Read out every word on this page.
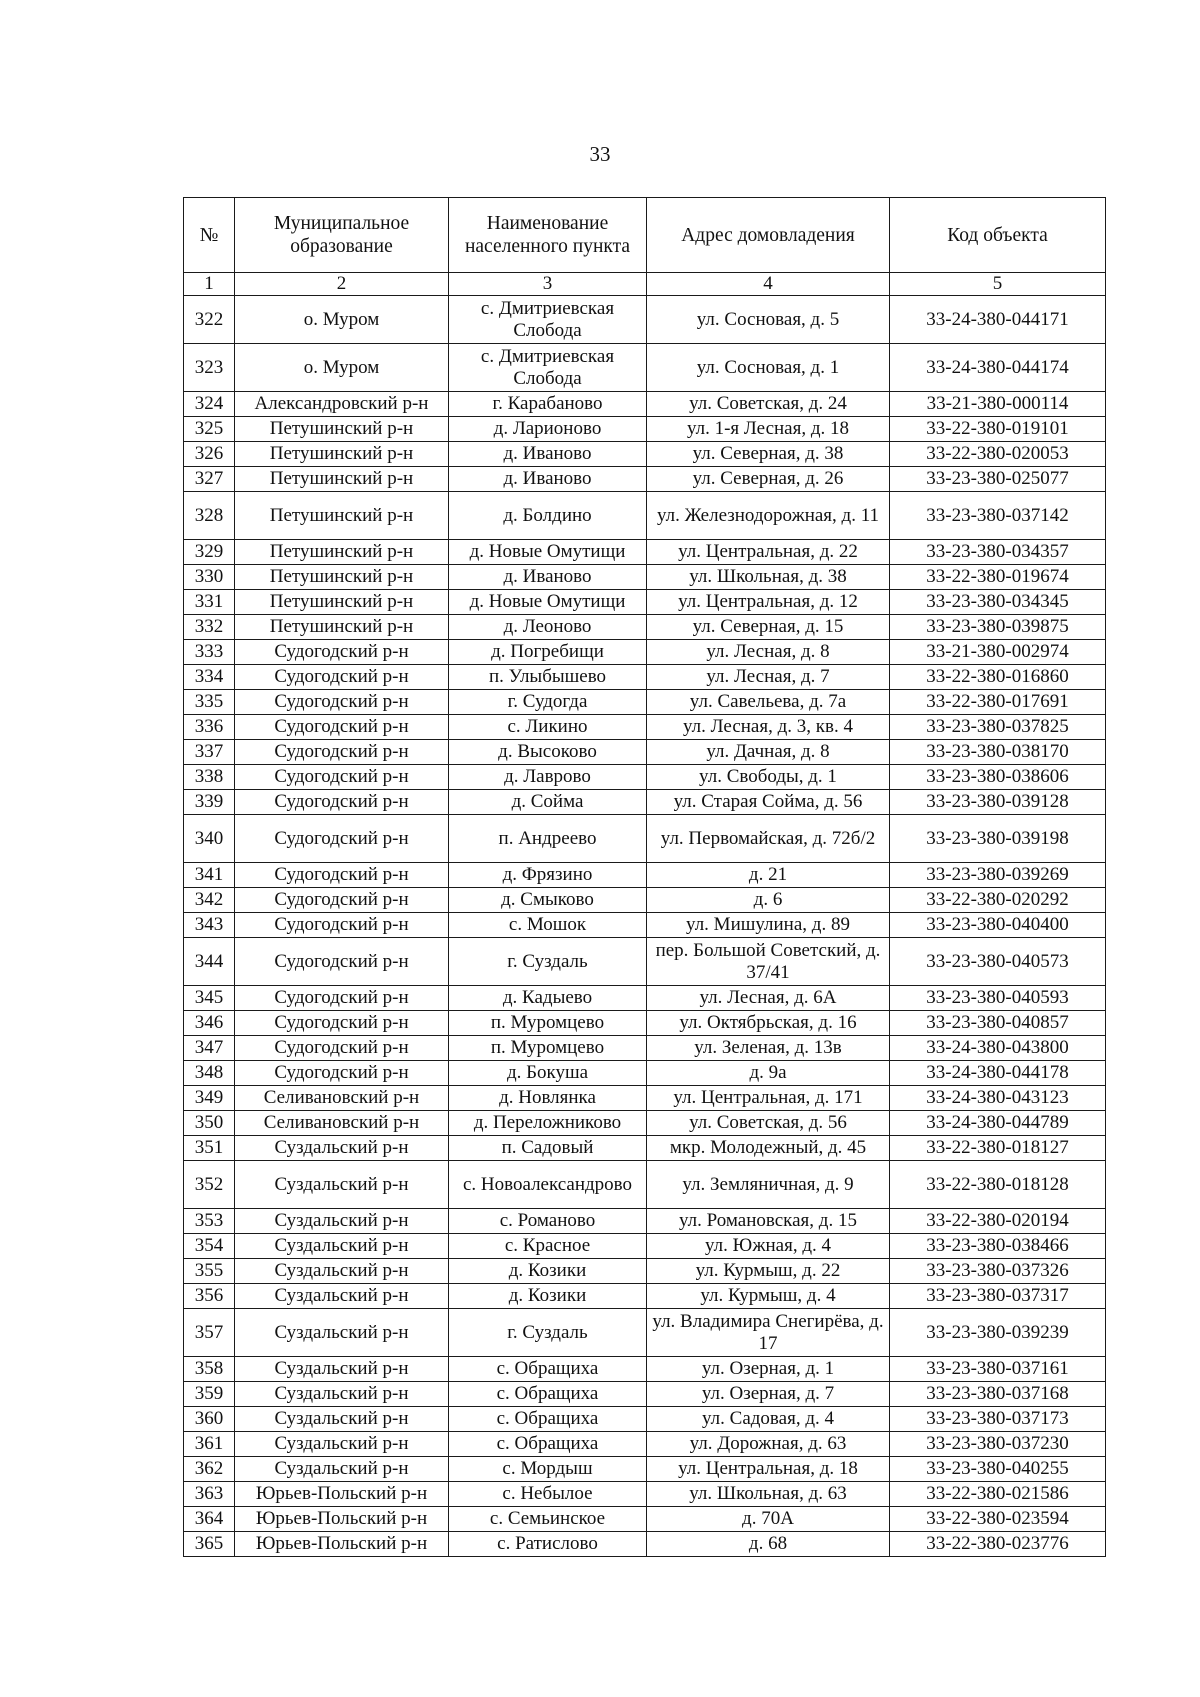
33
№	Муниципальное образование	Наименование населенного пункта	Адрес домовладения	Код объекта
1	2	3	4	5
322	о. Муром	с. Дмитриевская Слобода	ул. Сосновая, д. 5	33-24-380-044171
323	о. Муром	с. Дмитриевская Слобода	ул. Сосновая, д. 1	33-24-380-044174
324	Александровский р-н	г. Карабаново	ул. Советская, д. 24	33-21-380-000114
325	Петушинский р-н	д. Ларионово	ул. 1-я Лесная, д. 18	33-22-380-019101
326	Петушинский р-н	д. Иваново	ул. Северная, д. 38	33-22-380-020053
327	Петушинский р-н	д. Иваново	ул. Северная, д. 26	33-23-380-025077
328	Петушинский р-н	д. Болдино	ул. Железнодорожная, д. 11	33-23-380-037142
329	Петушинский р-н	д. Новые Омутищи	ул. Центральная, д. 22	33-23-380-034357
330	Петушинский р-н	д. Иваново	ул. Школьная, д. 38	33-22-380-019674
331	Петушинский р-н	д. Новые Омутищи	ул. Центральная, д. 12	33-23-380-034345
332	Петушинский р-н	д. Леоново	ул. Северная, д. 15	33-23-380-039875
333	Судогодский р-н	д. Погребищи	ул. Лесная, д. 8	33-21-380-002974
334	Судогодский р-н	п. Улыбышево	ул. Лесная, д. 7	33-22-380-016860
335	Судогодский р-н	г. Судогда	ул. Савельева, д. 7а	33-22-380-017691
336	Судогодский р-н	с. Ликино	ул. Лесная, д. 3, кв. 4	33-23-380-037825
337	Судогодский р-н	д. Высоково	ул. Дачная, д. 8	33-23-380-038170
338	Судогодский р-н	д. Лаврово	ул. Свободы, д. 1	33-23-380-038606
339	Судогодский р-н	д. Сойма	ул. Старая Сойма, д. 56	33-23-380-039128
340	Судогодский р-н	п. Андреево	ул. Первомайская, д. 72б/2	33-23-380-039198
341	Судогодский р-н	д. Фрязино	д. 21	33-23-380-039269
342	Судогодский р-н	д. Смыково	д. 6	33-22-380-020292
343	Судогодский р-н	с. Мошок	ул. Мишулина, д. 89	33-23-380-040400
344	Судогодский р-н	г. Суздаль	пер. Большой Советский, д. 37/41	33-23-380-040573
345	Судогодский р-н	д. Кадыево	ул. Лесная, д. 6А	33-23-380-040593
346	Судогодский р-н	п. Муромцево	ул. Октябрьская, д. 16	33-23-380-040857
347	Судогодский р-н	п. Муромцево	ул. Зеленая, д. 13в	33-24-380-043800
348	Судогодский р-н	д. Бокуша	д. 9а	33-24-380-044178
349	Селивановский р-н	д. Новлянка	ул. Центральная, д. 171	33-24-380-043123
350	Селивановский р-н	д. Переложниково	ул. Советская, д. 56	33-24-380-044789
351	Суздальский р-н	п. Садовый	мкр. Молодежный, д. 45	33-22-380-018127
352	Суздальский р-н	с. Новоалександрово	ул. Земляничная, д. 9	33-22-380-018128
353	Суздальский р-н	с. Романово	ул. Романовская, д. 15	33-22-380-020194
354	Суздальский р-н	с. Красное	ул. Южная, д. 4	33-23-380-038466
355	Суздальский р-н	д. Козики	ул. Курмыш, д. 22	33-23-380-037326
356	Суздальский р-н	д. Козики	ул. Курмыш, д. 4	33-23-380-037317
357	Суздальский р-н	г. Суздаль	ул. Владимира Снегирёва, д. 17	33-23-380-039239
358	Суздальский р-н	с. Обращиха	ул. Озерная, д. 1	33-23-380-037161
359	Суздальский р-н	с. Обращиха	ул. Озерная, д. 7	33-23-380-037168
360	Суздальский р-н	с. Обращиха	ул. Садовая, д. 4	33-23-380-037173
361	Суздальский р-н	с. Обращиха	ул. Дорожная, д. 63	33-23-380-037230
362	Суздальский р-н	с. Мордыш	ул. Центральная, д. 18	33-23-380-040255
363	Юрьев-Польский р-н	с. Небылое	ул. Школьная, д. 63	33-22-380-021586
364	Юрьев-Польский р-н	с. Семьинское	д. 70А	33-22-380-023594
365	Юрьев-Польский р-н	с. Ратислово	д. 68	33-22-380-023776
